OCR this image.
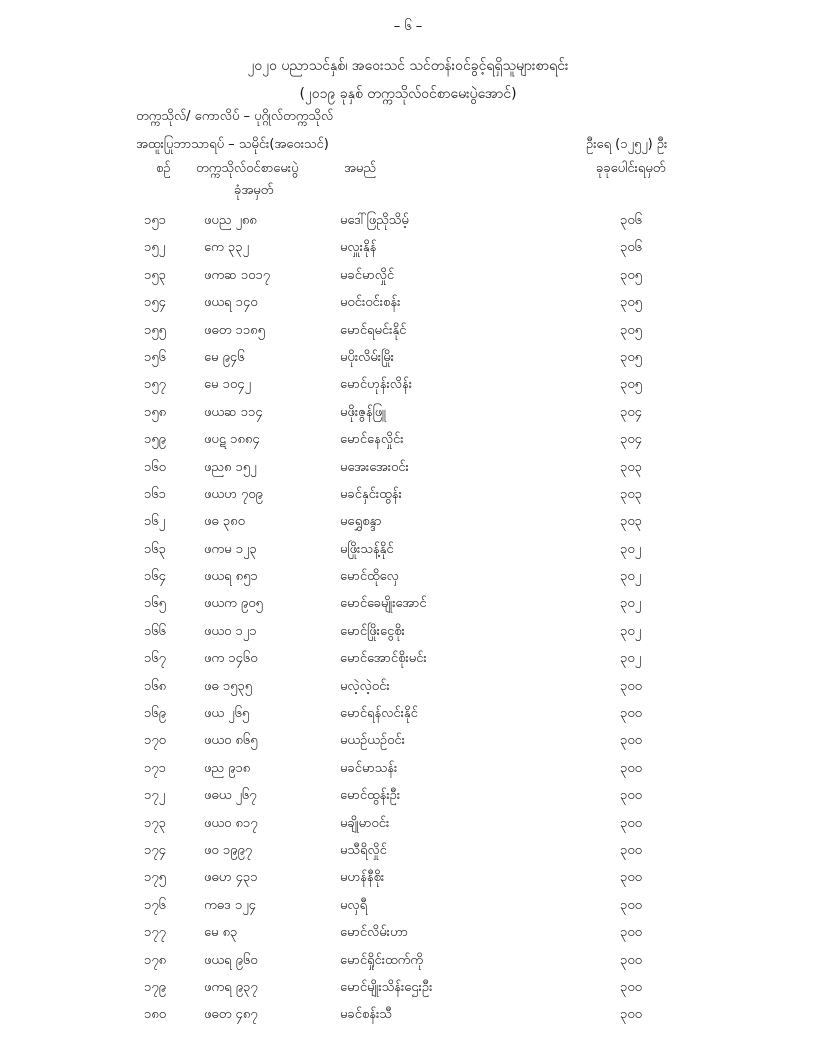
– ၆ –
၂၀၂၀ ပညာသင်နှစ်၊ အဝေးသင် သင်တန်းဝင်ခွင့်ရရှိသူများစာရင်း
(၂၀၁၉ ခုနှစ် တက္ကသိုလ်ဝင်စာမေးပွဲအောင်)
တက္ကသိုလ်/ ကောလိပ် – ပုဂ္ဂိုလ်တက္ကသိုလ်
အထူးပြုဘာသာရပ် – သမိုင်း(အဝေးသင်)	ဦးရေ (၁၂၅၂) ဦး
စဉ် တက္ကသိုလ်ဝင်စာမေးပွဲ
ခုံအမှတ်
အမည်	ခုခုပေါင်းရမှတ်
၁၅၁	ဖပည ၂၈၈	မဒေါ်ဖြညိုသိမ့်	၃၀၆
၁၅၂	ကေ ၃၃၂	မလှူးနိုန်	၃၀၆
၁၅၃	ဖကဆ ၁၀၁၇	မခင်မာလှိုင်	၃၀၅
၁၅၄	ဖယရ ၁၄၀	မဝင်းဝင်းစန်း	၃၀၅
၁၅၅	ဖဓတ ၁၁၈၅	မောင်ရမင်းနိုင်	၃၀၅
၁၅၆	မေ ၉၄၆	မပိုးလိမ်းမြိုး	၃၀၅
၁၅၇	မေ ၁၀၄၂	မောင်ဟုန်းလိန်း	၃၀၅
၁၅၈	ဖယဆ ၁၁၄	မဖိုးဇွန်ဖြူ	၃၀၄
၁၅၉	ဖပဋ ၁၈၈၄	မောင်နေလှိုင်း	၃၀၄
၁၆၀	ဖည၈ ၁၅၂	မအေးအေးဝင်း	၃၀၃
၁၆၁	ဖယဟ ၇၀၉	မခင်နှင်းထွန်း	၃၀၃
၁၆၂	ဖဓ ၃၈၀	မရွှေစန္ဒာ	၃၀၃
၁၆၃	ဖကမ ၁၂၃	မဖြိုးသန့်နိုင်	၃၀၂
၁၆၄	ဖယရ ၈၅၁	မောင်ထိုလှေ	၃၀၂
၁၆၅	ဖယက ၉၀၅	မောင်ခေမျိုးအောင်	၃၀၂
၁၆၆	ဖယ၀ ၁၂၁	မောင်ဖြိုးငွေစိုး	၃၀၂
၁၆၇	ဖက ၁၄၆၀	မောင်အောင်စိုးမင်း	၃၀၂
၁၆၈	ဖဓ ၁၅၃၅	မလဲ့လဲ့ဝင်း	၃၀၀
၁၆၉	ဖယ ၂၆၅	မောင်ရန်လင်းနိုင်	၃၀၀
၁၇၀	ဖယ၀ ၈၆၅	မယဉ်ယဉ်ဝင်း	၃၀၀
၁၇၁	ဖည ၉၁၈	မခင်မာသန်း	၃၀၀
၁၇၂	ဖဓယ ၂၆၇	မောင်ထွန်းဦး	၃၀၀
၁၇၃	ဖယ၀ ၈၁၇	မချိုမာဝင်း	၃၀၀
၁၇၄	ဖဝ ၁၉၉၇	မသီရိလှိုင်	၃၀၀
၁၇၅	ဖဓဟ ၄၃၁	မဟန်နီစိုး	၃၀၀
၁၇၆	ကဓဒ ၁၂၄	မလှရီ	၃၀၀
၁၇၇	မေ ၈၃	မောင်လိမ်းဟာ	၃၀၀
၁၇၈	ဖယရ ၉၆၀	မောင်ရှိုင်းထက်ကို	၃၀၀
၁၇၉	ဖကရ ၉၃၇	မောင်မျိုးသိန်းဌေးဦး	၃၀၀
၁၈၀	ဖဓတ ၄၈၇	မခင်စန်းသီ	၃၀၀
